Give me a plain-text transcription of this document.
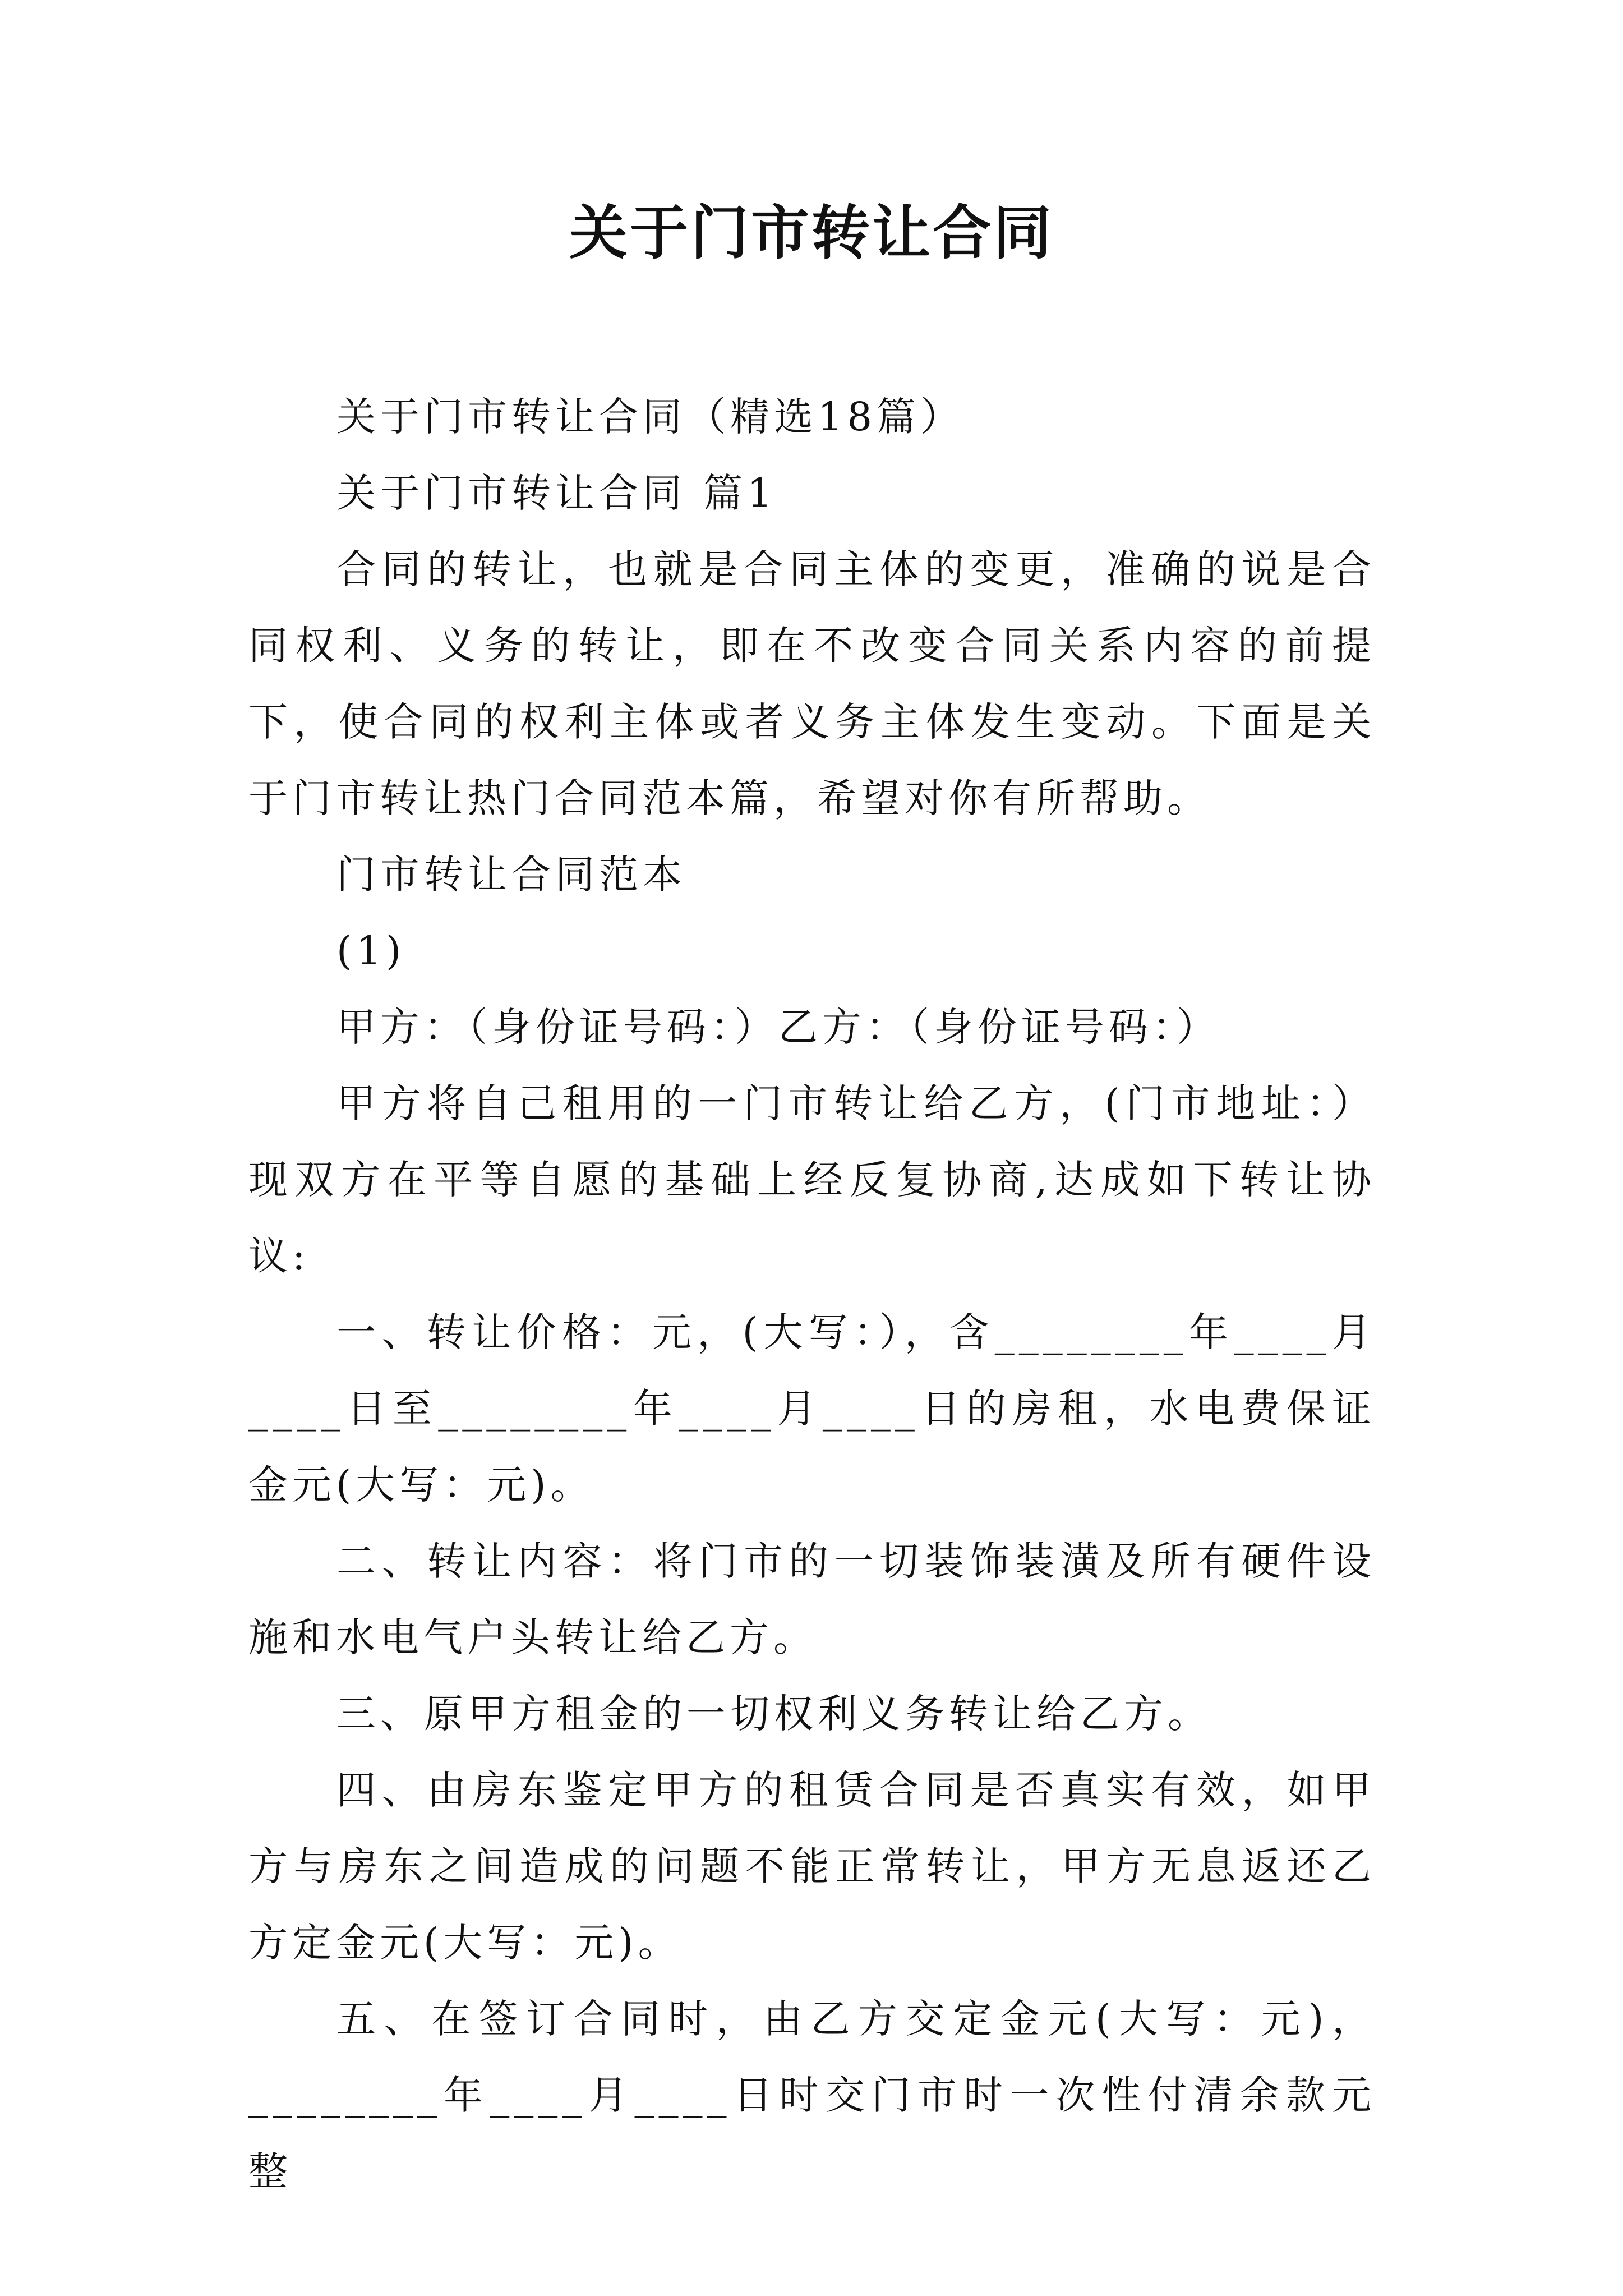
关于门市转让合同

关于门市转让合同（精选18篇）

关于门市转让合同 篇1

合同的转让，也就是合同主体的变更，准确的说是合同权利、义务的转让，即在不改变合同关系内容的前提下，使合同的权利主体或者义务主体发生变动。下面是关于门市转让热门合同范本篇，希望对你有所帮助。

门市转让合同范本

(1)

甲方：（身份证号码：）乙方：（身份证号码：）

甲方将自己租用的一门市转让给乙方，(门市地址：）现双方在平等自愿的基础上经反复协商,达成如下转让协议:

一、转让价格：元，(大写：），含________年____月____日至________年____月____日的房租，水电费保证金元(大写：元)。

二、转让内容：将门市的一切装饰装潢及所有硬件设施和水电气户头转让给乙方。

三、原甲方租金的一切权利义务转让给乙方。

四、由房东鉴定甲方的租赁合同是否真实有效，如甲方与房东之间造成的问题不能正常转让，甲方无息返还乙方定金元(大写：元)。

五、在签订合同时，由乙方交定金元(大写：元)，________年____月____日时交门市时一次性付清余款元整
